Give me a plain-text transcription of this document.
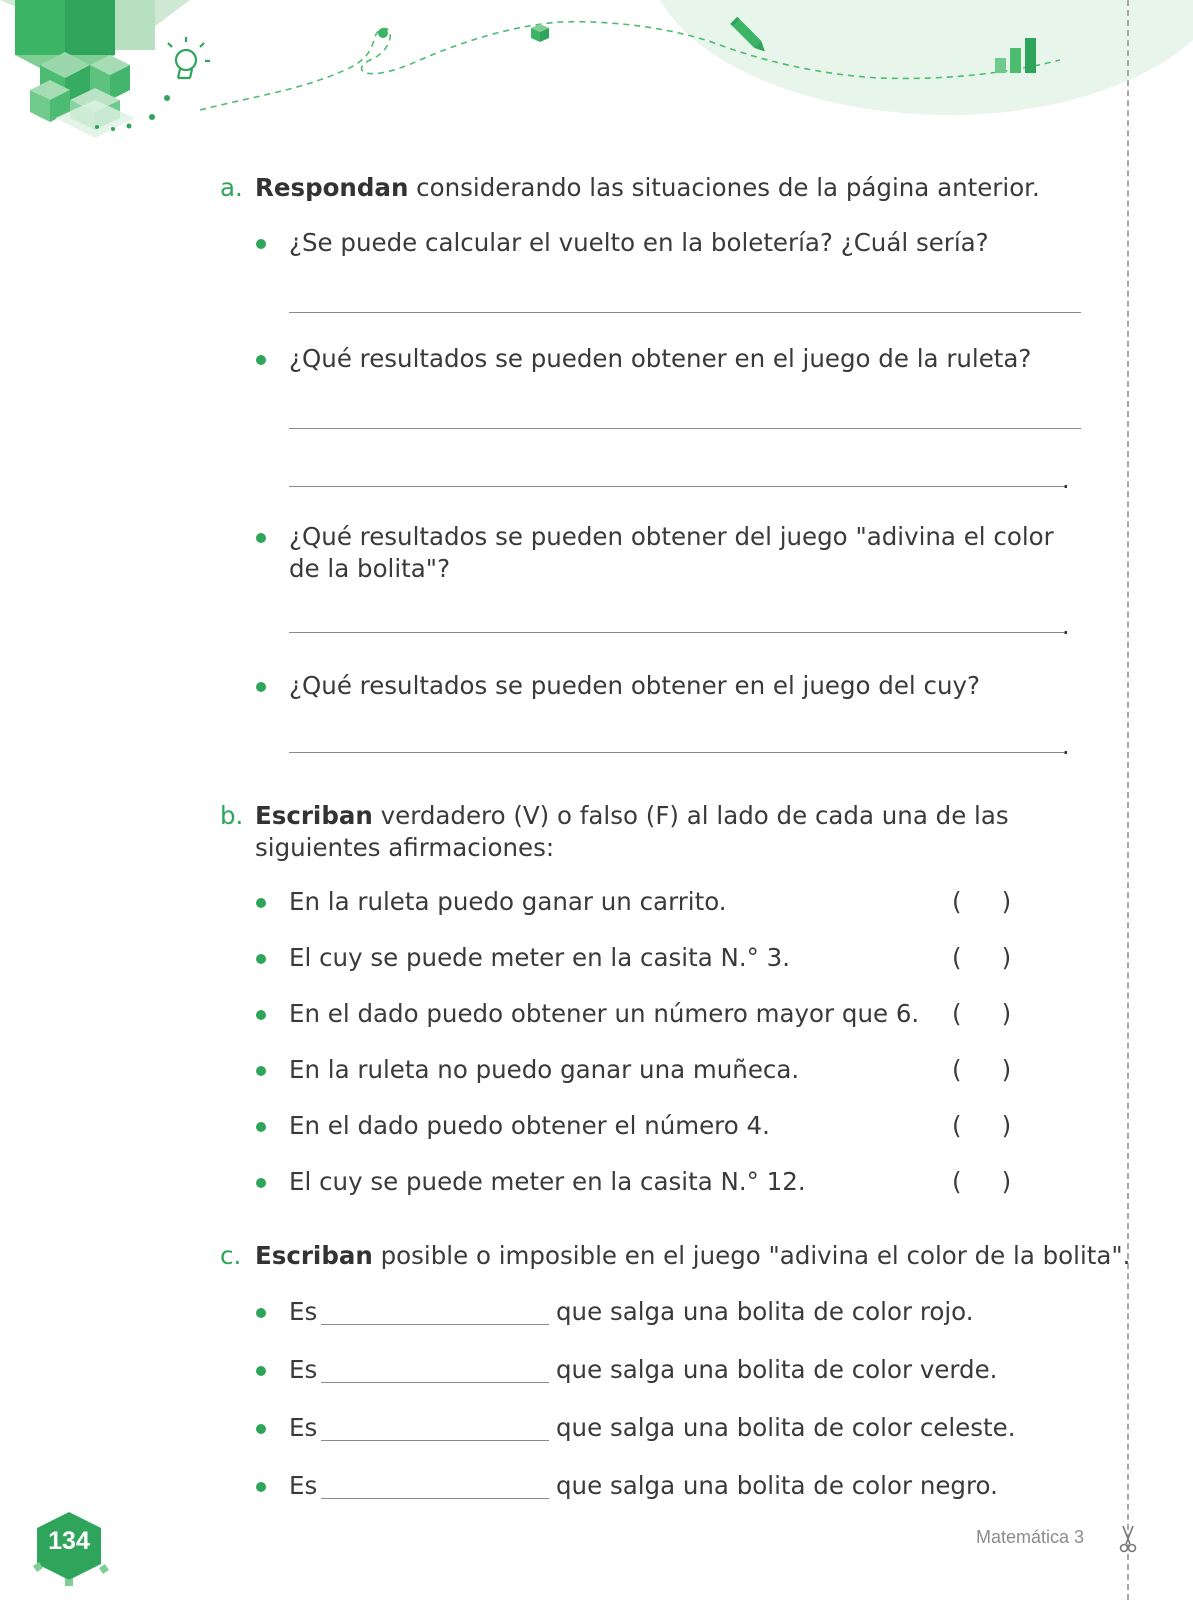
a. Respondan considerando las situaciones de la página anterior.
¿Se puede calcular el vuelto en la boletería? ¿Cuál sería?
¿Qué resultados se pueden obtener en el juego de la ruleta?
.
¿Qué resultados se pueden obtener del juego "adivina el color de la bolita"?
.
¿Qué resultados se pueden obtener en el juego del cuy?
.
b. Escriban verdadero (V) o falso (F) al lado de cada una de las siguientes afirmaciones:
En la ruleta puedo ganar un carrito.	( )
El cuy se puede meter en la casita N.° 3.	( )
En el dado puedo obtener un número mayor que 6. ( )
En la ruleta no puedo ganar una muñeca.	( )
En el dado puedo obtener el número 4.	( )
El cuy se puede meter en la casita N.° 12.	( )
c. Escriban posible o imposible en el juego "adivina el color de la bolita".
Es	que salga una bolita de color rojo.
Es	que salga una bolita de color verde.
Es	que salga una bolita de color celeste.
Es	que salga una bolita de color negro.
134	Matemática 3
